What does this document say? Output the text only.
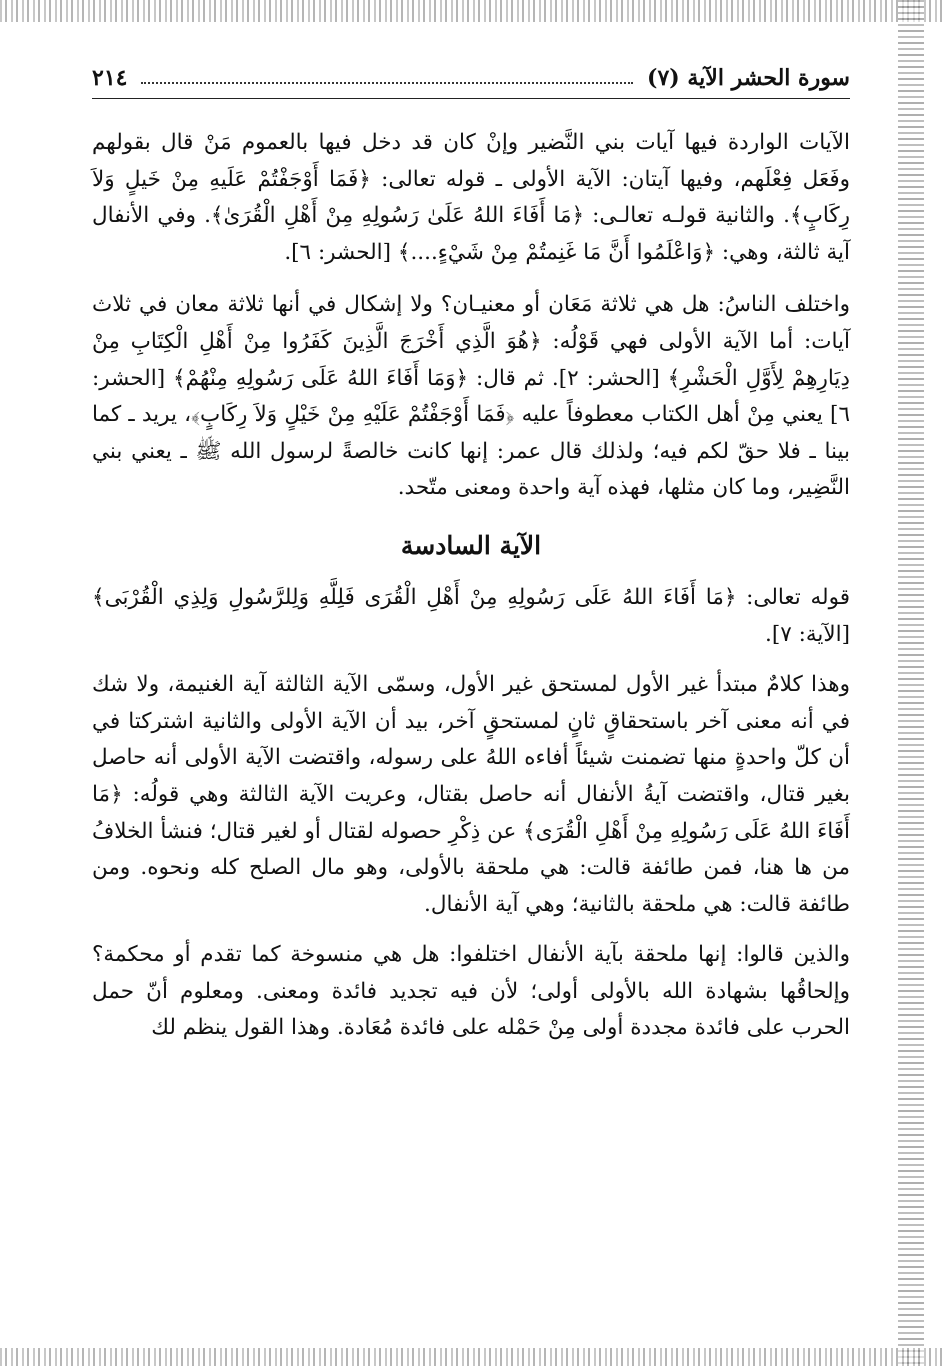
سورة الحشر الآية (٧)
٢١٤

الآيات الواردة فيها آيات بني النَّضير وإنْ كان قد دخل فيها بالعموم مَنْ قال بقولهم وفَعَل فِعْلَهم، وفيها آيتان: الآية الأولى ـ قوله تعالى: ﴿فَمَا أَوْجَفْتُمْ عَلَيهِ مِنْ خَيلٍ وَلاَ رِكَابٍ﴾. والثانية قولـه تعالـى: ﴿مَا أَفَاءَ اللهُ عَلَىٰ رَسُولِهِ مِنْ أَهْلِ الْقُرَىٰ﴾. وفي الأنفال آية ثالثة، وهي: ﴿وَاعْلَمُوا أَنَّ مَا غَنِمتُمْ مِنْ شَيْءٍ....﴾ [الحشر: ٦].

واختلف الناسُ: هل هي ثلاثة مَعَان أو معنيـان؟ ولا إشكال في أنها ثلاثة معان في ثلاث آيات: أما الآية الأولى فهي قَوْلُه: ﴿هُوَ الَّذِي أَخْرَجَ الَّذِينَ كَفَرُوا مِنْ أَهْلِ الْكِتَابِ مِنْ دِيَارِهِمْ لِأَوَّلِ الْحَشْرِ﴾ [الحشر: ٢]. ثم قال: ﴿وَمَا أَفَاءَ اللهُ عَلَى رَسُولِهِ مِنْهُمْ﴾ [الحشر: ٦] يعني مِنْ أهل الكتاب معطوفاً عليه ﴿فَمَا أَوْجَفْتُمْ عَلَيْهِ مِنْ خَيْلٍ وَلاَ رِكَابٍ﴾، يريد ـ كما بينا ـ فلا حقّ لكم فيه؛ ولذلك قال عمر: إنها كانت خالصةً لرسول الله ﷺ ـ يعني بني النَّضِير، وما كان مثلها، فهذه آية واحدة ومعنى متّحد.

الآية السادسة

قوله تعالى: ﴿مَا أَفَاءَ اللهُ عَلَى رَسُولِهِ مِنْ أَهْلِ الْقُرَى فَلِلَّهِ وَلِلرَّسُولِ وَلِذِي الْقُرْبَى﴾ [الآية: ٧].

وهذا كلامٌ مبتدأ غير الأول لمستحق غير الأول، وسمّى الآية الثالثة آية الغنيمة، ولا شك في أنه معنى آخر باستحقاقٍ ثانٍ لمستحقٍ آخر، بيد أن الآية الأولى والثانية اشتركتا في أن كلّ واحدةٍ منها تضمنت شيئاً أفاءه اللهُ على رسوله، واقتضت الآية الأولى أنه حاصل بغير قتال، واقتضت آيةُ الأنفال أنه حاصل بقتال، وعريت الآية الثالثة وهي قولُه: ﴿مَا أَفَاءَ اللهُ عَلَى رَسُولِهِ مِنْ أَهْلِ الْقُرَى﴾ عن ذِكْرِ حصوله لقتال أو لغير قتال؛ فنشأ الخلافُ من ها هنا، فمن طائفة قالت: هي ملحقة بالأولى، وهو مال الصلح كله ونحوه. ومن طائفة قالت: هي ملحقة بالثانية؛ وهي آية الأنفال.

والذين قالوا: إنها ملحقة بآية الأنفال اختلفوا: هل هي منسوخة كما تقدم أو محكمة؟ وإلحاقُها بشهادة الله بالأولى أولى؛ لأن فيه تجديد فائدة ومعنى. ومعلوم أنّ حمل الحرب على فائدة مجددة أولى مِنْ حَمْله على فائدة مُعَادة. وهذا القول ينظم لك
